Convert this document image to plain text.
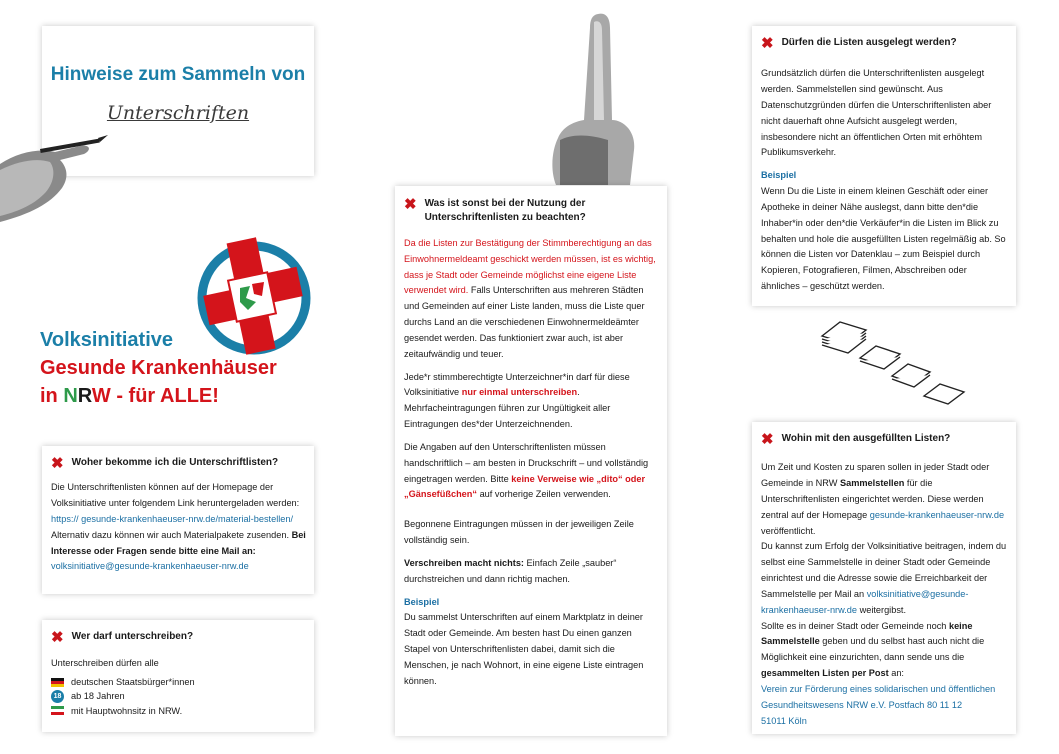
Hinweise zum Sammeln von
Unterschriften
Volksinitiative
Gesunde Krankenhäuser
in NRW - für ALLE!
✖ Woher bekomme ich die Unterschriftlisten?
Die Unterschriftenlisten können auf der Homepage der Volksinitiative unter folgendem Link heruntergeladen werden: https:// gesunde-krankenhaeuser-nrw.de/material-bestellen/ Alternativ dazu können wir auch Materialpakete zusenden. Bei Interesse oder Fragen sende bitte eine Mail an:
volksinitiative@gesunde-krankenhaeuser-nrw.de
✖ Wer darf unterschreiben?
Unterschreiben dürfen alle
deutschen Staatsbürger*innen
18 ab 18 Jahren
mit Hauptwohnsitz in NRW.
✖ Was ist sonst bei der Nutzung der Unterschriftenlisten zu beachten?

Da die Listen zur Bestätigung der Stimmberechtigung an das Einwohnermeldeamt geschickt werden müssen, ist es wichtig, dass je Stadt oder Gemeinde möglichst eine eigene Liste verwendet wird. Falls Unterschriften aus mehreren Städten und Gemeinden auf einer Liste landen, muss die Liste quer durchs Land an die verschiedenen Einwohnermeldeämter gesendet werden. Das funktioniert zwar auch, ist aber zeitaufwändig und teuer.

Jede*r stimmberechtigte Unterzeichner*in darf für diese Volksinitiative nur einmal unterschreiben. Mehrfacheintragungen führen zur Ungültigkeit aller Eintragungen des*der Unterzeichnenden.

Die Angaben auf den Unterschriftenlisten müssen handschriftlich – am besten in Druckschrift – und vollständig eingetragen werden. Bitte keine Verweise wie „dito“ oder „Gänsefüßchen“ auf vorherige Zeilen verwenden.

Begonnene Eintragungen müssen in der jeweiligen Zeile vollständig sein.

Verschreiben macht nichts: Einfach Zeile „sauber“ durchstreichen und dann richtig machen.

Beispiel

Du sammelst Unterschriften auf einem Marktplatz in deiner Stadt oder Gemeinde. Am besten hast Du einen ganzen Stapel von Unterschriftenlisten dabei, damit sich die Menschen, je nach Wohnort, in eine eigene Liste eintragen können.

✖ Dürfen die Listen ausgelegt werden?

Grundsätzlich dürfen die Unterschriftenlisten ausgelegt werden. Sammelstellen sind gewünscht. Aus Datenschutzgründen dürfen die Unterschriftenlisten aber nicht dauerhaft ohne Aufsicht ausgelegt werden, insbesondere nicht an öffentlichen Orten mit erhöhtem Publikumsverkehr.

Beispiel

Wenn Du die Liste in einem kleinen Geschäft oder einer Apotheke in deiner Nähe auslegst, dann bitte den*die Inhaber*in oder den*die Verkäufer*in die Listen im Blick zu behalten und hole die ausgefüllten Listen regelmäßig ab. So können die Listen vor Datenklau – zum Beispiel durch Kopieren, Fotografieren, Filmen, Abschreiben oder ähnliches – geschützt werden.

✖ Wohin mit den ausgefüllten Listen?

Um Zeit und Kosten zu sparen sollen in jeder Stadt oder Gemeinde in NRW Sammelstellen für die Unterschriftenlisten eingerichtet werden. Diese werden zentral auf der Homepage gesunde-krankenhaeuser-nrw.de veröffentlicht.

Du kannst zum Erfolg der Volksinitiative beitragen, indem du selbst eine Sammelstelle in deiner Stadt oder Gemeinde einrichtest und die Adresse sowie die Erreichbarkeit der Sammelstelle per Mail an volksinitiative@gesunde-krankenhaeuser-nrw.de weitergibst.

Sollte es in deiner Stadt oder Gemeinde noch keine Sammelstelle geben und du selbst hast auch nicht die Möglichkeit eine einzurichten, dann sende uns die gesammelten Listen per Post an:

Verein zur Förderung eines solidarischen und öffentlichen

Gesundheitswesens NRW e.V. Postfach 80 11 12

51011 Köln
